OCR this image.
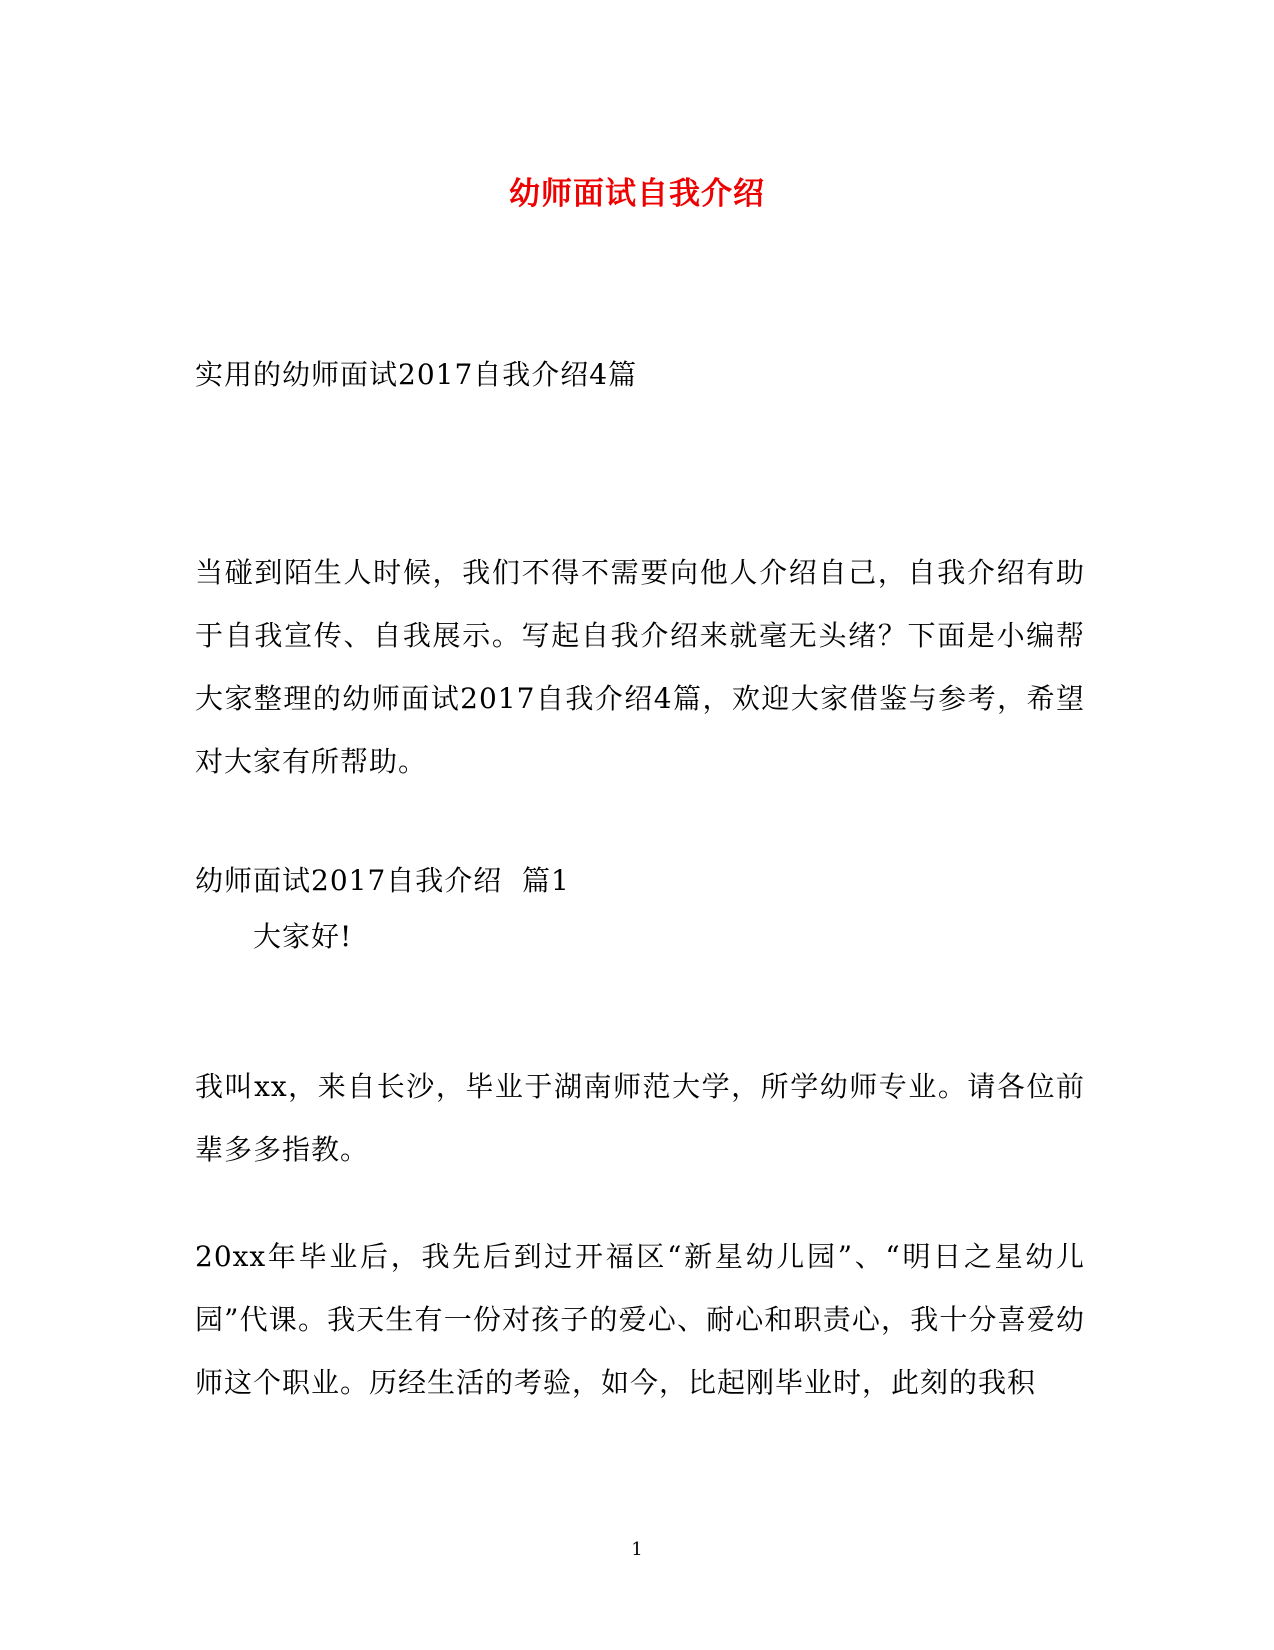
幼师面试自我介绍

实用的幼师面试2017自我介绍4篇

当碰到陌生人时候，我们不得不需要向他人介绍自己，自我介绍有助于自我宣传、自我展示。写起自我介绍来就毫无头绪？下面是小编帮大家整理的幼师面试2017自我介绍4篇，欢迎大家借鉴与参考，希望对大家有所帮助。

幼师面试2017自我介绍  篇1

大家好!

我叫xx，来自长沙，毕业于湖南师范大学，所学幼师专业。请各位前辈多多指教。

20xx年毕业后，我先后到过开福区“新星幼儿园”、“明日之星幼儿园”代课。我天生有一份对孩子的爱心、耐心和职责心，我十分喜爱幼师这个职业。历经生活的考验，如今，比起刚毕业时，此刻的我积

1
